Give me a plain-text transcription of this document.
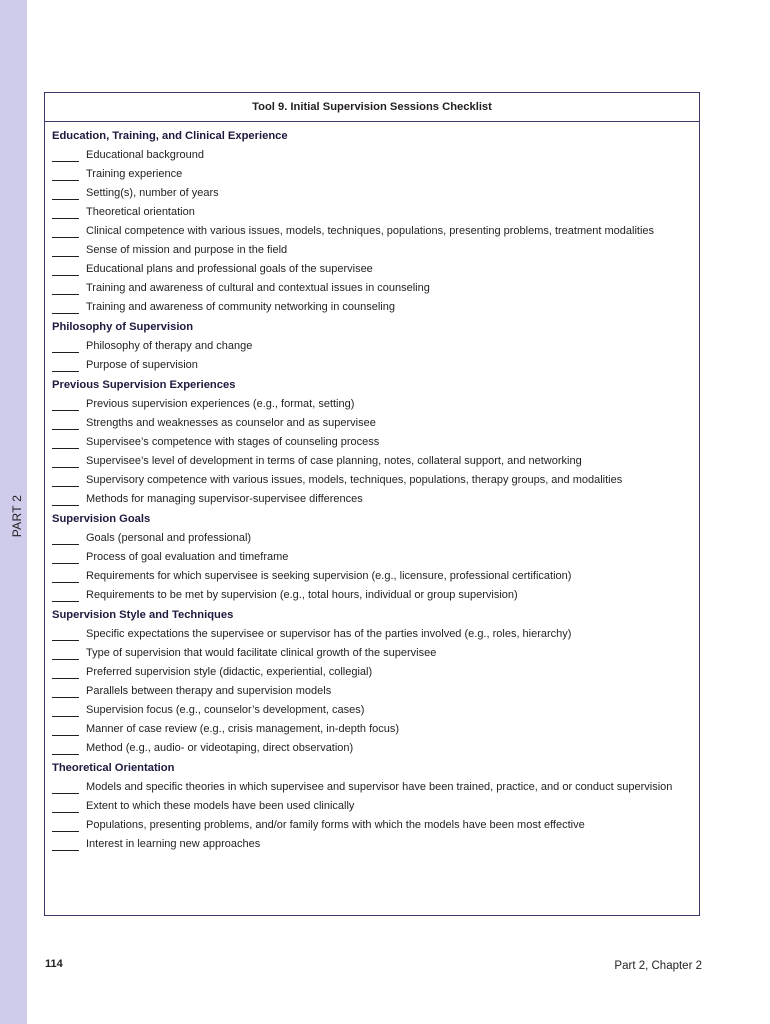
PART 2
Tool 9. Initial Supervision Sessions Checklist
Education, Training, and Clinical Experience
Educational background
Training experience
Setting(s), number of years
Theoretical orientation
Clinical competence with various issues, models, techniques, populations, presenting problems, treatment modalities
Sense of mission and purpose in the field
Educational plans and professional goals of the supervisee
Training and awareness of cultural and contextual issues in counseling
Training and awareness of community networking in counseling
Philosophy of Supervision
Philosophy of therapy and change
Purpose of supervision
Previous Supervision Experiences
Previous supervision experiences (e.g., format, setting)
Strengths and weaknesses as counselor and as supervisee
Supervisee’s competence with stages of counseling process
Supervisee’s level of development in terms of case planning, notes, collateral support, and networking
Supervisory competence with various issues, models, techniques, populations, therapy groups, and modalities
Methods for managing supervisor-supervisee differences
Supervision Goals
Goals (personal and professional)
Process of goal evaluation and timeframe
Requirements for which supervisee is seeking supervision (e.g., licensure, professional certification)
Requirements to be met by supervision (e.g., total hours, individual or group supervision)
Supervision Style and Techniques
Specific expectations the supervisee or supervisor has of the parties involved (e.g., roles, hierarchy)
Type of supervision that would facilitate clinical growth of the supervisee
Preferred supervision style (didactic, experiential, collegial)
Parallels between therapy and supervision models
Supervision focus (e.g., counselor’s development, cases)
Manner of case review (e.g., crisis management, in-depth focus)
Method (e.g., audio- or videotaping, direct observation)
Theoretical Orientation
Models and specific theories in which supervisee and supervisor have been trained, practice, and or conduct supervision
Extent to which these models have been used clinically
Populations, presenting problems, and/or family forms with which the models have been most effective
Interest in learning new approaches
114	Part 2, Chapter 2
